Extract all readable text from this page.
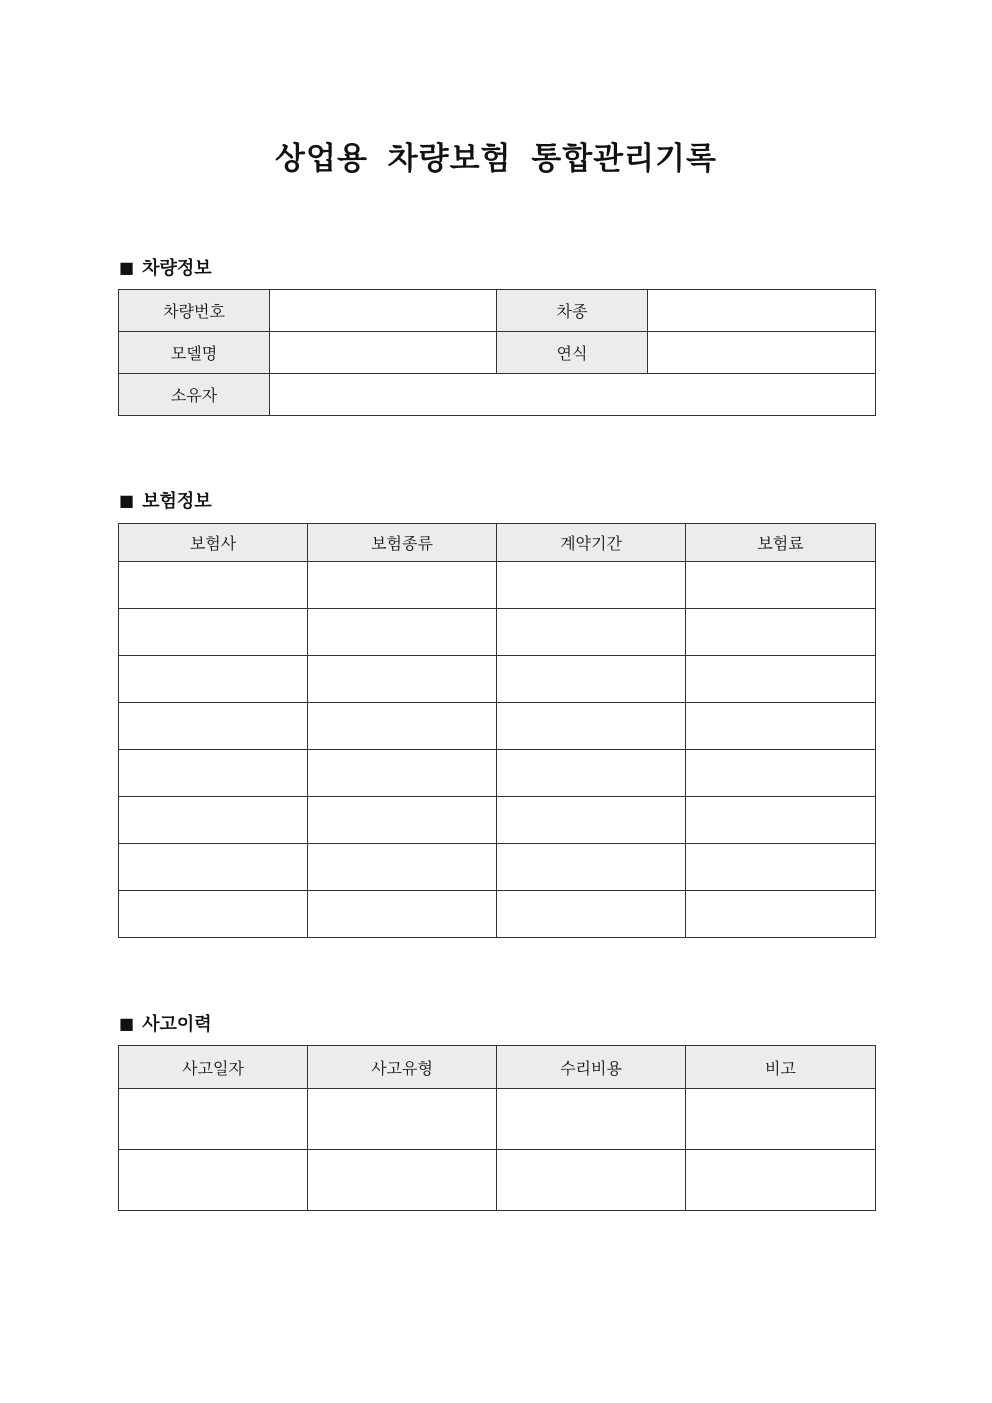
상업용 차량보험 통합관리기록
■ 차량정보
차량번호		차종	
모델명		연식	
소유자			
■ 보험정보
보험사	보험종류	계약기간	보험료

■ 사고이력
사고일자	사고유형	수리비용	비고
